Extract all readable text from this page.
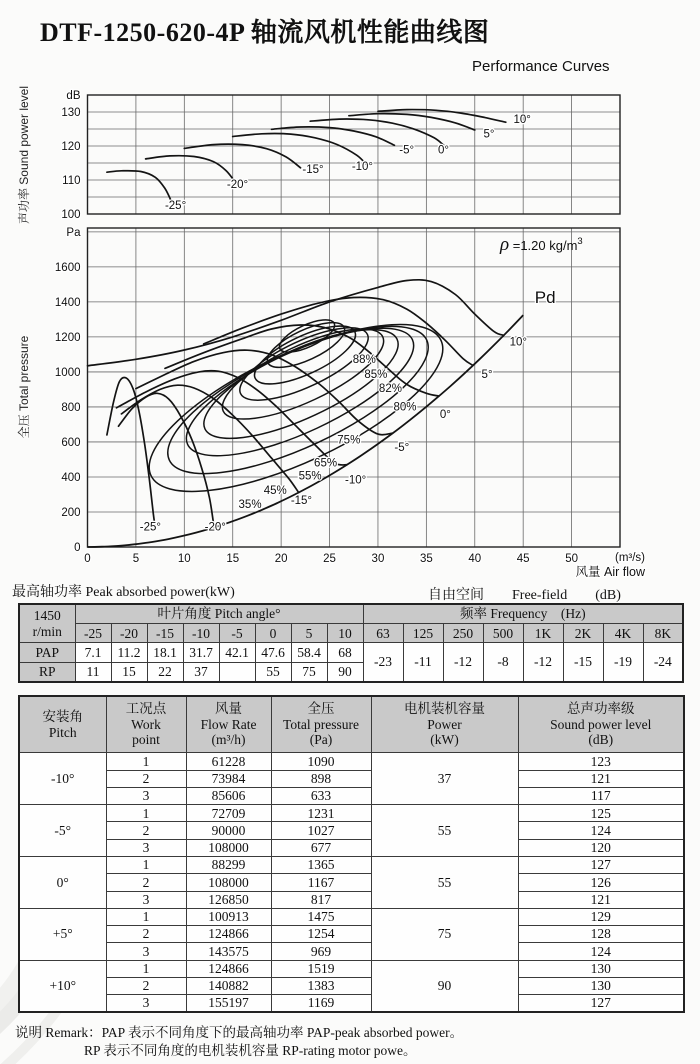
DTF-1250-620-4P 轴流风机性能曲线图
Performance Curves
声功率 Sound power level	dB
100
110
120
130
-25°
-20°
-15° -10°
-5° 0°
5°
10°
全压 Total pressure
Pa
0
200
400
600
800
1000
1200
1400
1600
0	5	10	15	20	25	30	35	40	45	50	(m³/s)
风量 Air flow
Pd
35%
45%
55%
65%
75%
80%
82%
85%
88%
10°
5°
0°
-5°
-10°
-15°
-20°
-25°
ρ =1.20 $kg/m^3$
最高轴功率 Peak absorbed power(kW)	自由空间　　Free-field　　(dB)
1450
r/min	叶片角度 Pitch angle°								频率 Frequency　(Hz)							
	-25	-20	-15	-10	-5	0	5	10	63	125	250	500	1K	2K	4K	8K
PAP	7.1	11.2	18.1	31.7	42.1	47.6	58.4	68	-23	-11	-12	-8	-12	-15	-19	-24
RP	11	15	22	37		55	75	90								
安装角
Pitch	工况点
Work
point	风量
Flow Rate
(m³/h)	全压
Total pressure
(Pa)	电机装机容量
Power
(kW)	总声功率级
Sound power level
(dB)
-10°	1	61228	1090	37	123
	2	73984	898		121
	3	85606	633		117
-5°	1	72709	1231	55	125
	2	90000	1027		124
	3	108000	677		120
0°	1	88299	1365	55	127
	2	108000	1167		126
	3	126850	817		121
+5°	1	100913	1475	75	129
	2	124866	1254		128
	3	143575	969		124
+10°	1	124866	1519	90	130
	2	140882	1383		130
	3	155197	1169		127
说明 Remark：PAP 表示不同角度下的最高轴功率 PAP-peak absorbed power。
RP 表示不同角度的电机装机容量 RP-rating motor powe。
